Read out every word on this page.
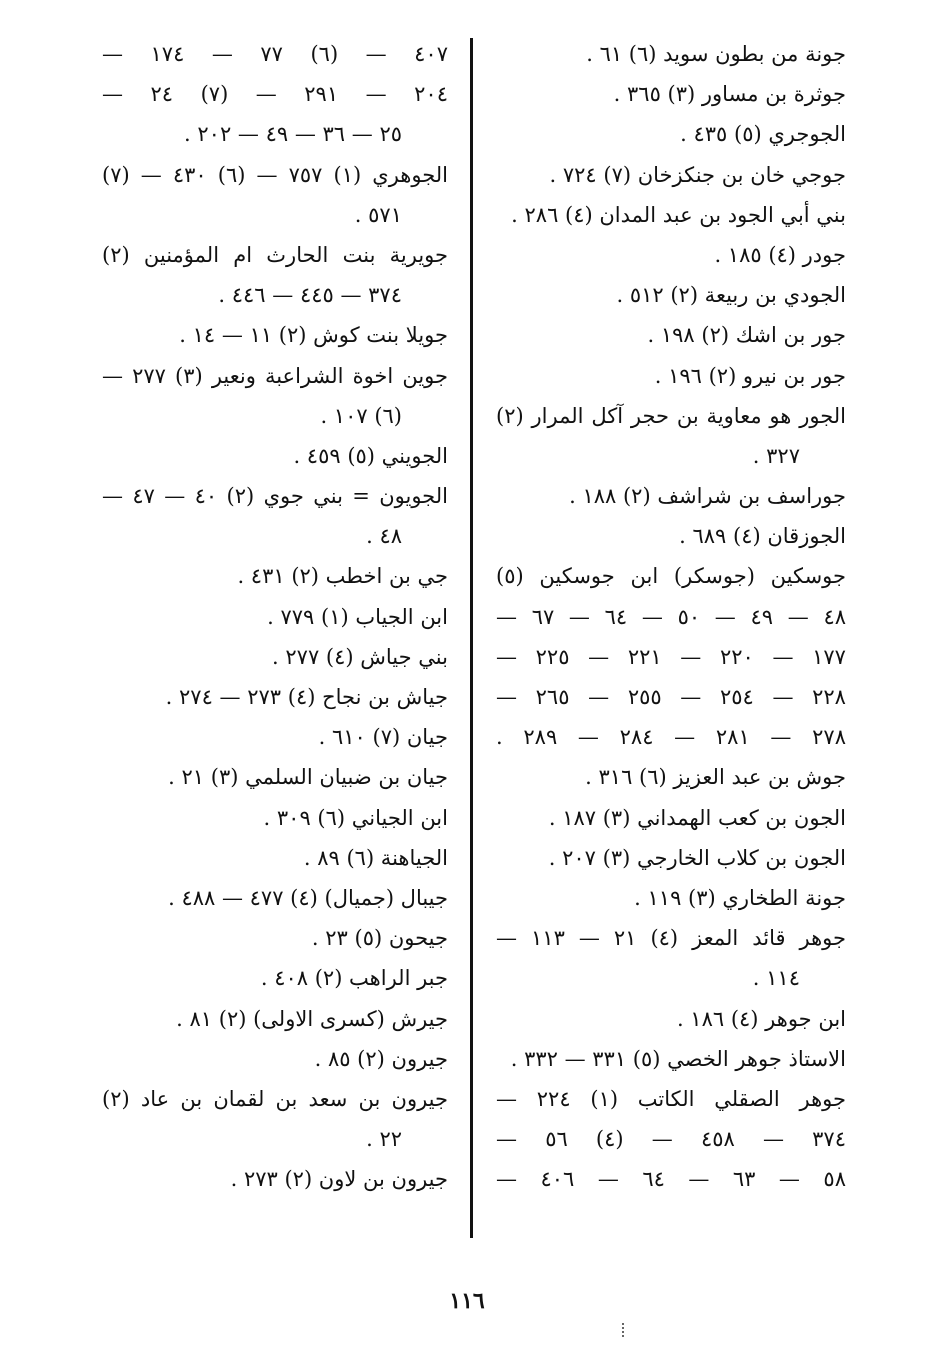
جونة من بطون سويد (٦) ٦١ .
جوثرة بن مساور (٣) ٣٦٥ .
الجوجري (٥) ٤٣٥ .
جوجي خان بن جنكزخان (٧) ٧٢٤ .
بني أبي الجود بن عبد المدان (٤) ٢٨٦ .
جودر (٤) ١٨٥ .
الجودي بن ربيعة (٢) ٥١٢ .
جور بن اشك (٢) ١٩٨ .
جور بن نيرو (٢) ١٩٦ .
الجور هو معاوية بن حجر آكل المرار (٢)
٣٢٧ .
جوراسف بن شراشف (٢) ١٨٨ .
الجوزقان (٤) ٦٨٩ .
جوسكين (جوسكر) ابن جوسكين (٥)
٤٨ — ٤٩ — ٥٠ — ٦٤ — ٦٧ —
١٧٧ — ٢٢٠ — ٢٢١ — ٢٢٥ —
٢٢٨ — ٢٥٤ — ٢٥٥ — ٢٦٥ —
٢٧٨ — ٢٨١ — ٢٨٤ — ٢٨٩ .
جوش بن عبد العزيز (٦) ٣١٦ .
الجون بن كعب الهمداني (٣) ١٨٧ .
الجون بن كلاب الخارجي (٣) ٢٠٧ .
جونة الطخاري (٣) ١١٩ .
جوهر قائد المعز (٤) ٢١ — ١١٣ —
١١٤ .
ابن جوهر (٤) ١٨٦ .
الاستاذ جوهر الخصي (٥) ٣٣١ — ٣٣٢ .
جوهر الصقلي الكاتب (١) ٢٢٤ —
٣٧٤ — ٤٥٨ — (٤) ٥٦ —
٥٨ — ٦٣ — ٦٤ — ٤٠٦ —
٤٠٧ — (٦) ٧٧ — ١٧٤ —
٢٠٤ — ٢٩١ — (٧) ٢٤ —
٢٥ — ٣٦ — ٤٩ — ٢٠٢ .
الجوهري (١) ٧٥٧ — (٦) ٤٣٠ — (٧)
٥٧١ .
جويرية بنت الحارث ام المؤمنين (٢)
٣٧٤ — ٤٤٥ — ٤٤٦ .
جويلا بنت كوش (٢) ١١ — ١٤ .
جوين اخوة الشراعبة ونعير (٣) ٢٧٧ —
(٦) ١٠٧ .
الجويني (٥) ٤٥٩ .
الجويون = بني جوي (٢) ٤٠ — ٤٧ —
٤٨ .
جي بن اخطب (٢) ٤٣١ .
ابن الجياب (١) ٧٧٩ .
بني جياش (٤) ٢٧٧ .
جياش بن نجاح (٤) ٢٧٣ — ٢٧٤ .
جيان (٧) ٦١٠ .
جيان بن ضبيان السلمي (٣) ٢١ .
ابن الجياني (٦) ٣٠٩ .
الجياهنة (٦) ٨٩ .
جيبال (جميال) (٤) ٤٧٧ — ٤٨٨ .
جيحون (٥) ٢٣ .
جبر الراهب (٢) ٤٠٨ .
جيرش (كسرى الاولى) (٢) ٨١ .
جيرون (٢) ٨٥ .
جيرون بن سعد بن لقمان بن عاد (٢)
٢٢ .
جيرون بن لاون (٢) ٢٧٣ .
١١٦
